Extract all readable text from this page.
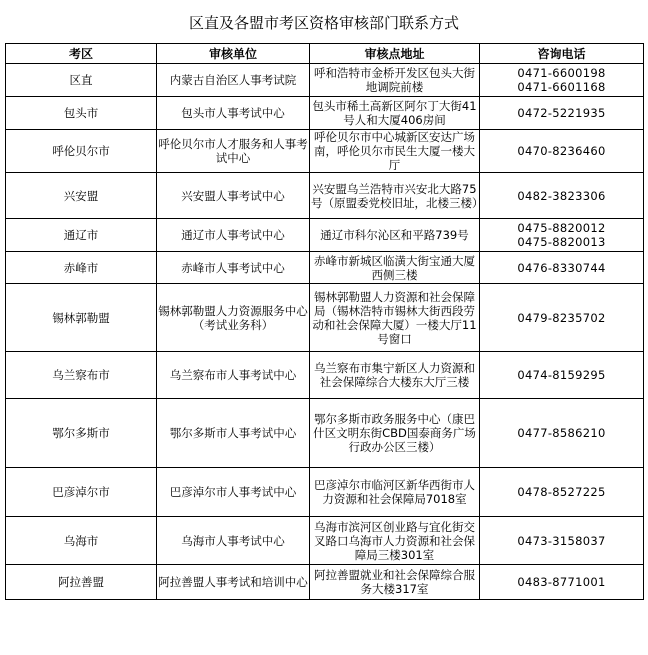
区直及各盟市考区资格审核部门联系方式
考区	审核单位	审核点地址	咨询电话
区直	内蒙古自治区人事考试院	呼和浩特市金桥开发区包头大街地调院前楼	0471-6600198
0471-6601168

包头市	包头市人事考试中心	包头市稀土高新区阿尔丁大街41号人和大厦406房间	0472-5221935

呼伦贝尔市	呼伦贝尔市人才服务和人事考试中心	呼伦贝尔市中心城新区安达广场南，呼伦贝尔市民生大厦一楼大厅	0470-8236460

兴安盟	兴安盟人事考试中心	兴安盟乌兰浩特市兴安北大路75号（原盟委党校旧址，北楼三楼）	0482-3823306

通辽市	通辽市人事考试中心	通辽市科尔沁区和平路739号	0475-8820012
0475-8820013

赤峰市	赤峰市人事考试中心	赤峰市新城区临潢大街宝通大厦西侧三楼	0476-8330744

锡林郭勒盟	锡林郭勒盟人力资源服务中心（考试业务科）	锡林郭勒盟人力资源和社会保障局（锡林浩特市锡林大街西段劳动和社会保障大厦）一楼大厅11号窗口	0479-8235702

乌兰察布市	乌兰察布市人事考试中心	乌兰察布市集宁新区人力资源和社会保障综合大楼东大厅三楼	0474-8159295

鄂尔多斯市	鄂尔多斯市人事考试中心	鄂尔多斯市政务服务中心（康巴什区文明东街CBD国泰商务广场行政办公区三楼）	0477-8586210

巴彦淖尔市	巴彦淖尔市人事考试中心	巴彦淖尔市临河区新华西街市人力资源和社会保障局7018室	0478-8527225

乌海市	乌海市人事考试中心	乌海市滨河区创业路与宜化街交叉路口乌海市人力资源和社会保障局三楼301室	0473-3158037

阿拉善盟	阿拉善盟人事考试和培训中心	阿拉善盟就业和社会保障综合服务大楼317室	0483-8771001
